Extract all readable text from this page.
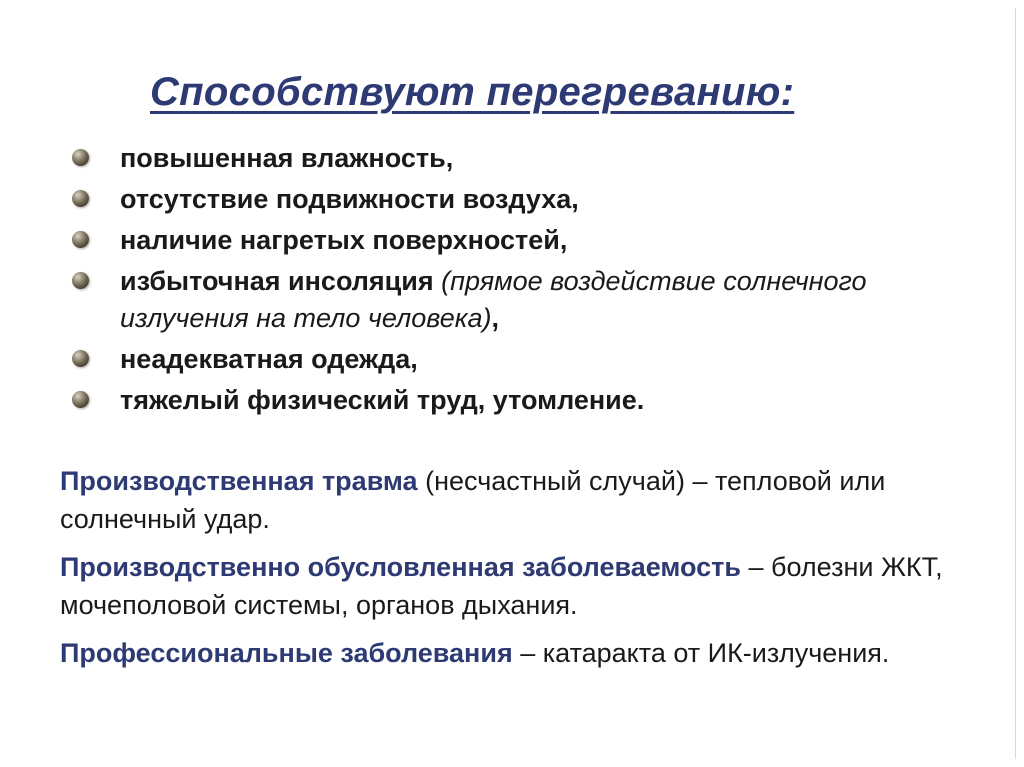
Способствуют перегреванию:
повышенная влажность,
отсутствие подвижности воздуха,
наличие нагретых поверхностей,
избыточная инсоляция (прямое воздействие солнечного излучения на тело человека),
неадекватная одежда,
тяжелый физический труд, утомление.

Производственная травма (несчастный случай) – тепловой или солнечный удар.

Производственно обусловленная заболеваемость – болезни ЖКТ, мочеполовой системы, органов дыхания.

Профессиональные заболевания – катаракта от ИК-излучения.
